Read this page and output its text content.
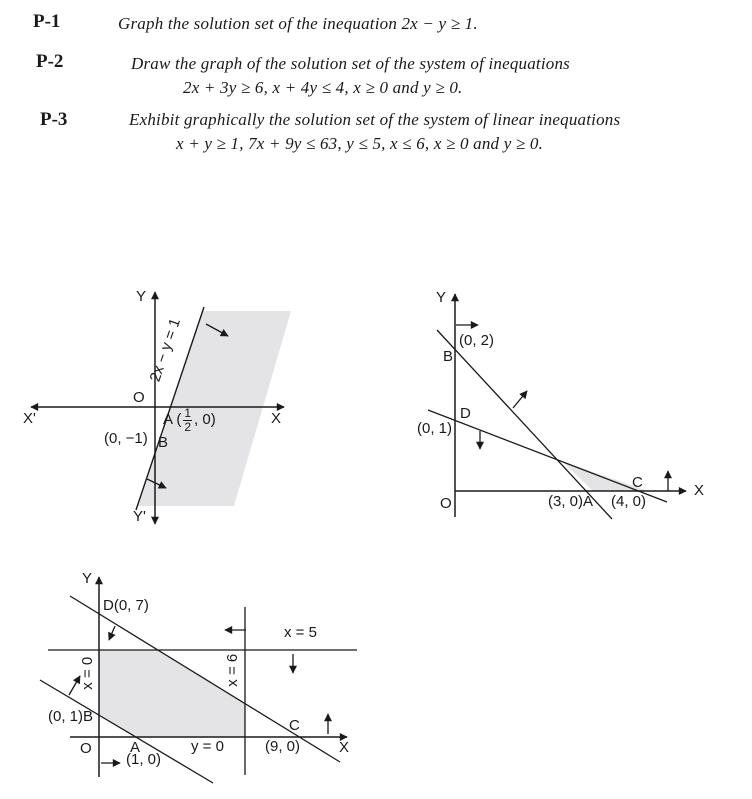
P-1	Graph the solution set of the inequation 2x − y ≥ 1.
P-2	Draw the graph of the solution set of the system of inequations
2x + 3y ≥ 6, x + 4y ≤ 4, x ≥ 0 and y ≥ 0.
P-3	Exhibit graphically the solution set of the system of linear inequations
x + y ≥ 1, 7x + 9y ≤ 63, y ≤ 5, x ≤ 6, x ≥ 0 and y ≥ 0.
Y
Y'
X'	X
O
2x − y = 1
(0, −1) B
A ( $\frac{1}{2}$ , 0)
Y
X
O
(0, 2)
B
D
(0, 1)
C
(3, 0)A (4, 0)
Y
X
O
D(0, 7)
x = 5
x = 6
x = 0
(0, 1)B
A
(1, 0)
y = 0	(9, 0)
C
